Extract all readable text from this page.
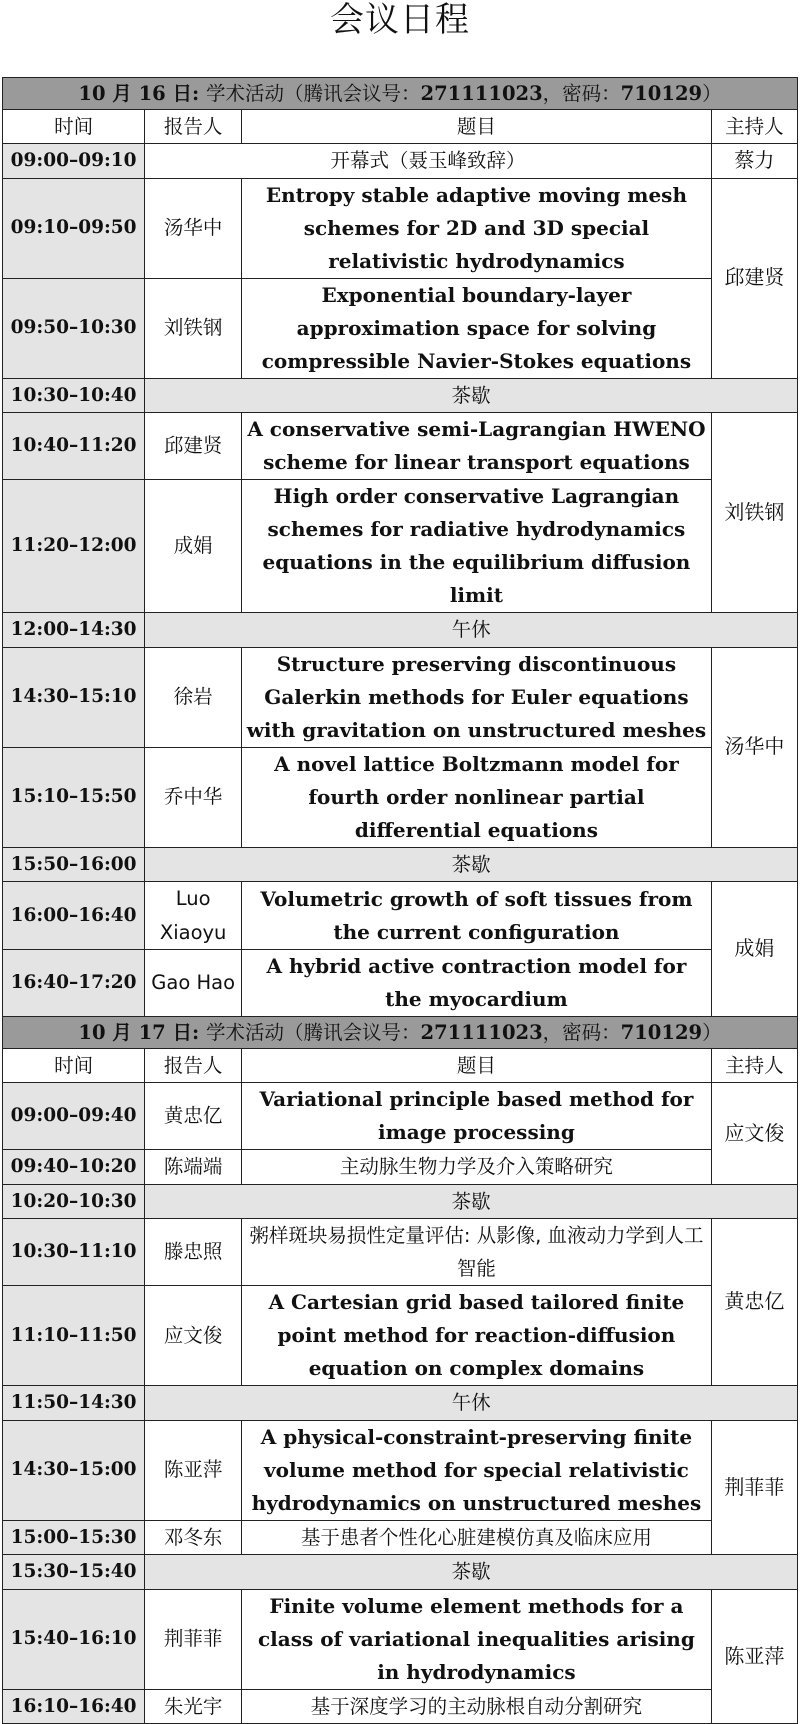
会议日程
10 月 16 日: 学术活动（腾讯会议号：271111023，密码：710129）			
时间	报告人	题目	主持人
09:00–09:10	开幕式（聂玉峰致辞）		蔡力
09:10–09:50	汤华中	Entropy stable adaptive moving mesh schemes for 2D and 3D special relativistic hydrodynamics	邱建贤
09:50–10:30	刘铁钢	Exponential boundary-layer approximation space for solving compressible Navier-Stokes equations	
10:30–10:40	茶歇		
10:40–11:20	邱建贤	A conservative semi-Lagrangian HWENO scheme for linear transport equations	刘铁钢
11:20–12:00	成娟	High order conservative Lagrangian schemes for radiative hydrodynamics equations in the equilibrium diffusion limit	
12:00–14:30	午休		
14:30–15:10	徐岩	Structure preserving discontinuous Galerkin methods for Euler equations with gravitation on unstructured meshes	汤华中
15:10–15:50	乔中华	A novel lattice Boltzmann model for fourth order nonlinear partial differential equations	
15:50–16:00	茶歇		
16:00–16:40	Luo Xiaoyu	Volumetric growth of soft tissues from the current configuration	成娟
16:40–17:20	Gao Hao	A hybrid active contraction model for the myocardium	
10 月 17 日: 学术活动（腾讯会议号：271111023，密码：710129）			
时间	报告人	题目	主持人
09:00–09:40	黄忠亿	Variational principle based method for image processing	应文俊
09:40–10:20	陈端端	主动脉生物力学及介入策略研究	
10:20–10:30	茶歇		
10:30–11:10	滕忠照	粥样斑块易损性定量评估: 从影像, 血液动力学到人工智能	黄忠亿
11:10–11:50	应文俊	A Cartesian grid based tailored finite point method for reaction-diffusion equation on complex domains	
11:50–14:30	午休		
14:30–15:00	陈亚萍	A physical-constraint-preserving finite volume method for special relativistic hydrodynamics on unstructured meshes	荆菲菲
15:00–15:30	邓冬东	基于患者个性化心脏建模仿真及临床应用	
15:30–15:40	茶歇		
15:40–16:10	荆菲菲	Finite volume element methods for a class of variational inequalities arising in hydrodynamics	陈亚萍
16:10–16:40	朱光宇	基于深度学习的主动脉根自动分割研究	
